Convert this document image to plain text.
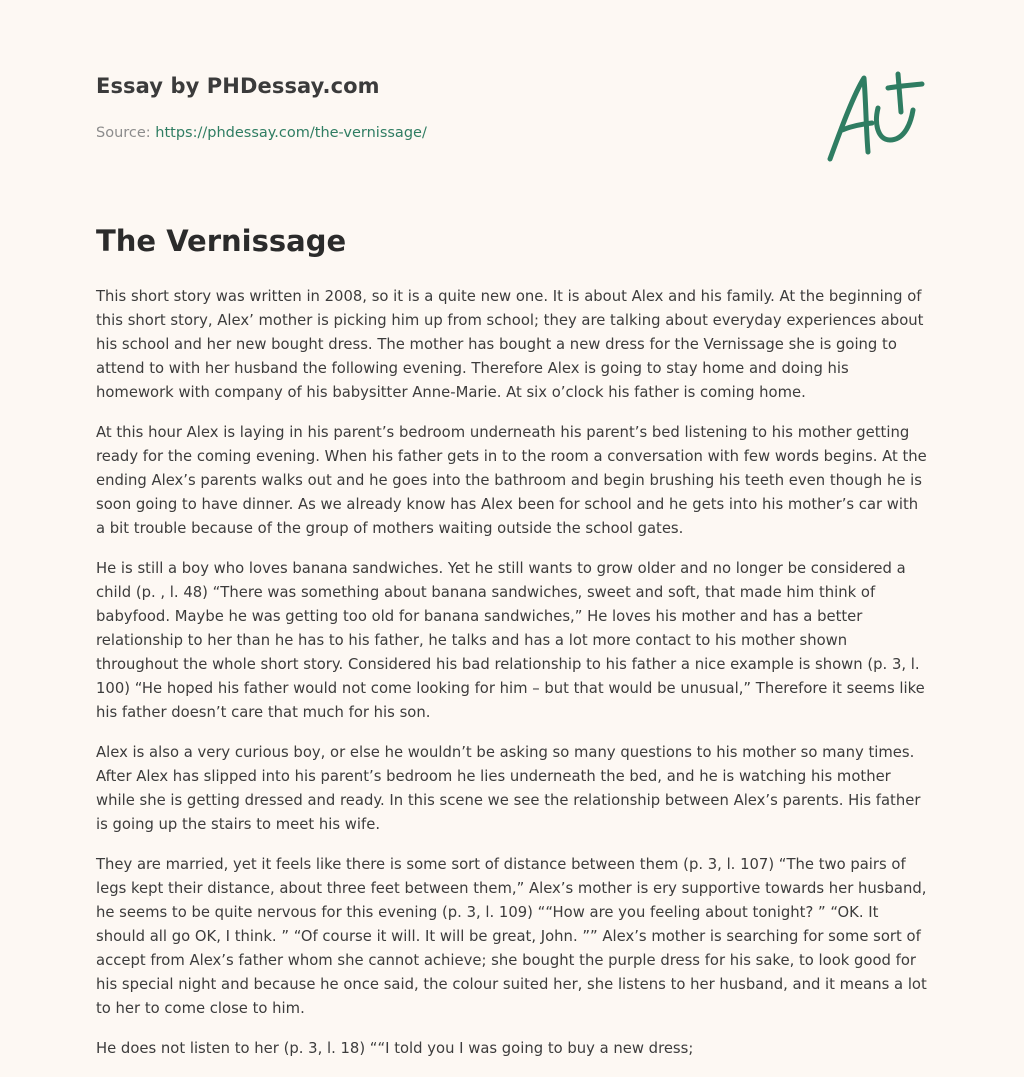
Essay by PHDessay.com

Source: https://phdessay.com/the-vernissage/

The Vernissage

This short story was written in 2008, so it is a quite new one. It is about Alex and his family. At the beginning of this short story, Alex’ mother is picking him up from school; they are talking about everyday experiences about his school and her new bought dress. The mother has bought a new dress for the Vernissage she is going to attend to with her husband the following evening. Therefore Alex is going to stay home and doing his homework with company of his babysitter Anne-Marie. At six o’clock his father is coming home.

At this hour Alex is laying in his parent’s bedroom underneath his parent’s bed listening to his mother getting ready for the coming evening. When his father gets in to the room a conversation with few words begins. At the ending Alex’s parents walks out and he goes into the bathroom and begin brushing his teeth even though he is soon going to have dinner. As we already know has Alex been for school and he gets into his mother’s car with a bit trouble because of the group of mothers waiting outside the school gates.

He is still a boy who loves banana sandwiches. Yet he still wants to grow older and no longer be considered a child (p. , l. 48) “There was something about banana sandwiches, sweet and soft, that made him think of babyfood. Maybe he was getting too old for banana sandwiches,” He loves his mother and has a better relationship to her than he has to his father, he talks and has a lot more contact to his mother shown throughout the whole short story. Considered his bad relationship to his father a nice example is shown (p. 3, l. 100) “He hoped his father would not come looking for him – but that would be unusual,” Therefore it seems like his father doesn’t care that much for his son.

Alex is also a very curious boy, or else he wouldn’t be asking so many questions to his mother so many times. After Alex has slipped into his parent’s bedroom he lies underneath the bed, and he is watching his mother while she is getting dressed and ready. In this scene we see the relationship between Alex’s parents. His father is going up the stairs to meet his wife.

They are married, yet it feels like there is some sort of distance between them (p. 3, l. 107) “The two pairs of legs kept their distance, about three feet between them,” Alex’s mother is ery supportive towards her husband, he seems to be quite nervous for this evening (p. 3, l. 109) ““How are you feeling about tonight? ” “OK. It should all go OK, I think. ” “Of course it will. It will be great, John. ”” Alex’s mother is searching for some sort of accept from Alex’s father whom she cannot achieve; she bought the purple dress for his sake, to look good for his special night and because he once said, the colour suited her, she listens to her husband, and it means a lot to her to come close to him.

He does not listen to her (p. 3, l. 18) ““I told you I was going to buy a new dress;
